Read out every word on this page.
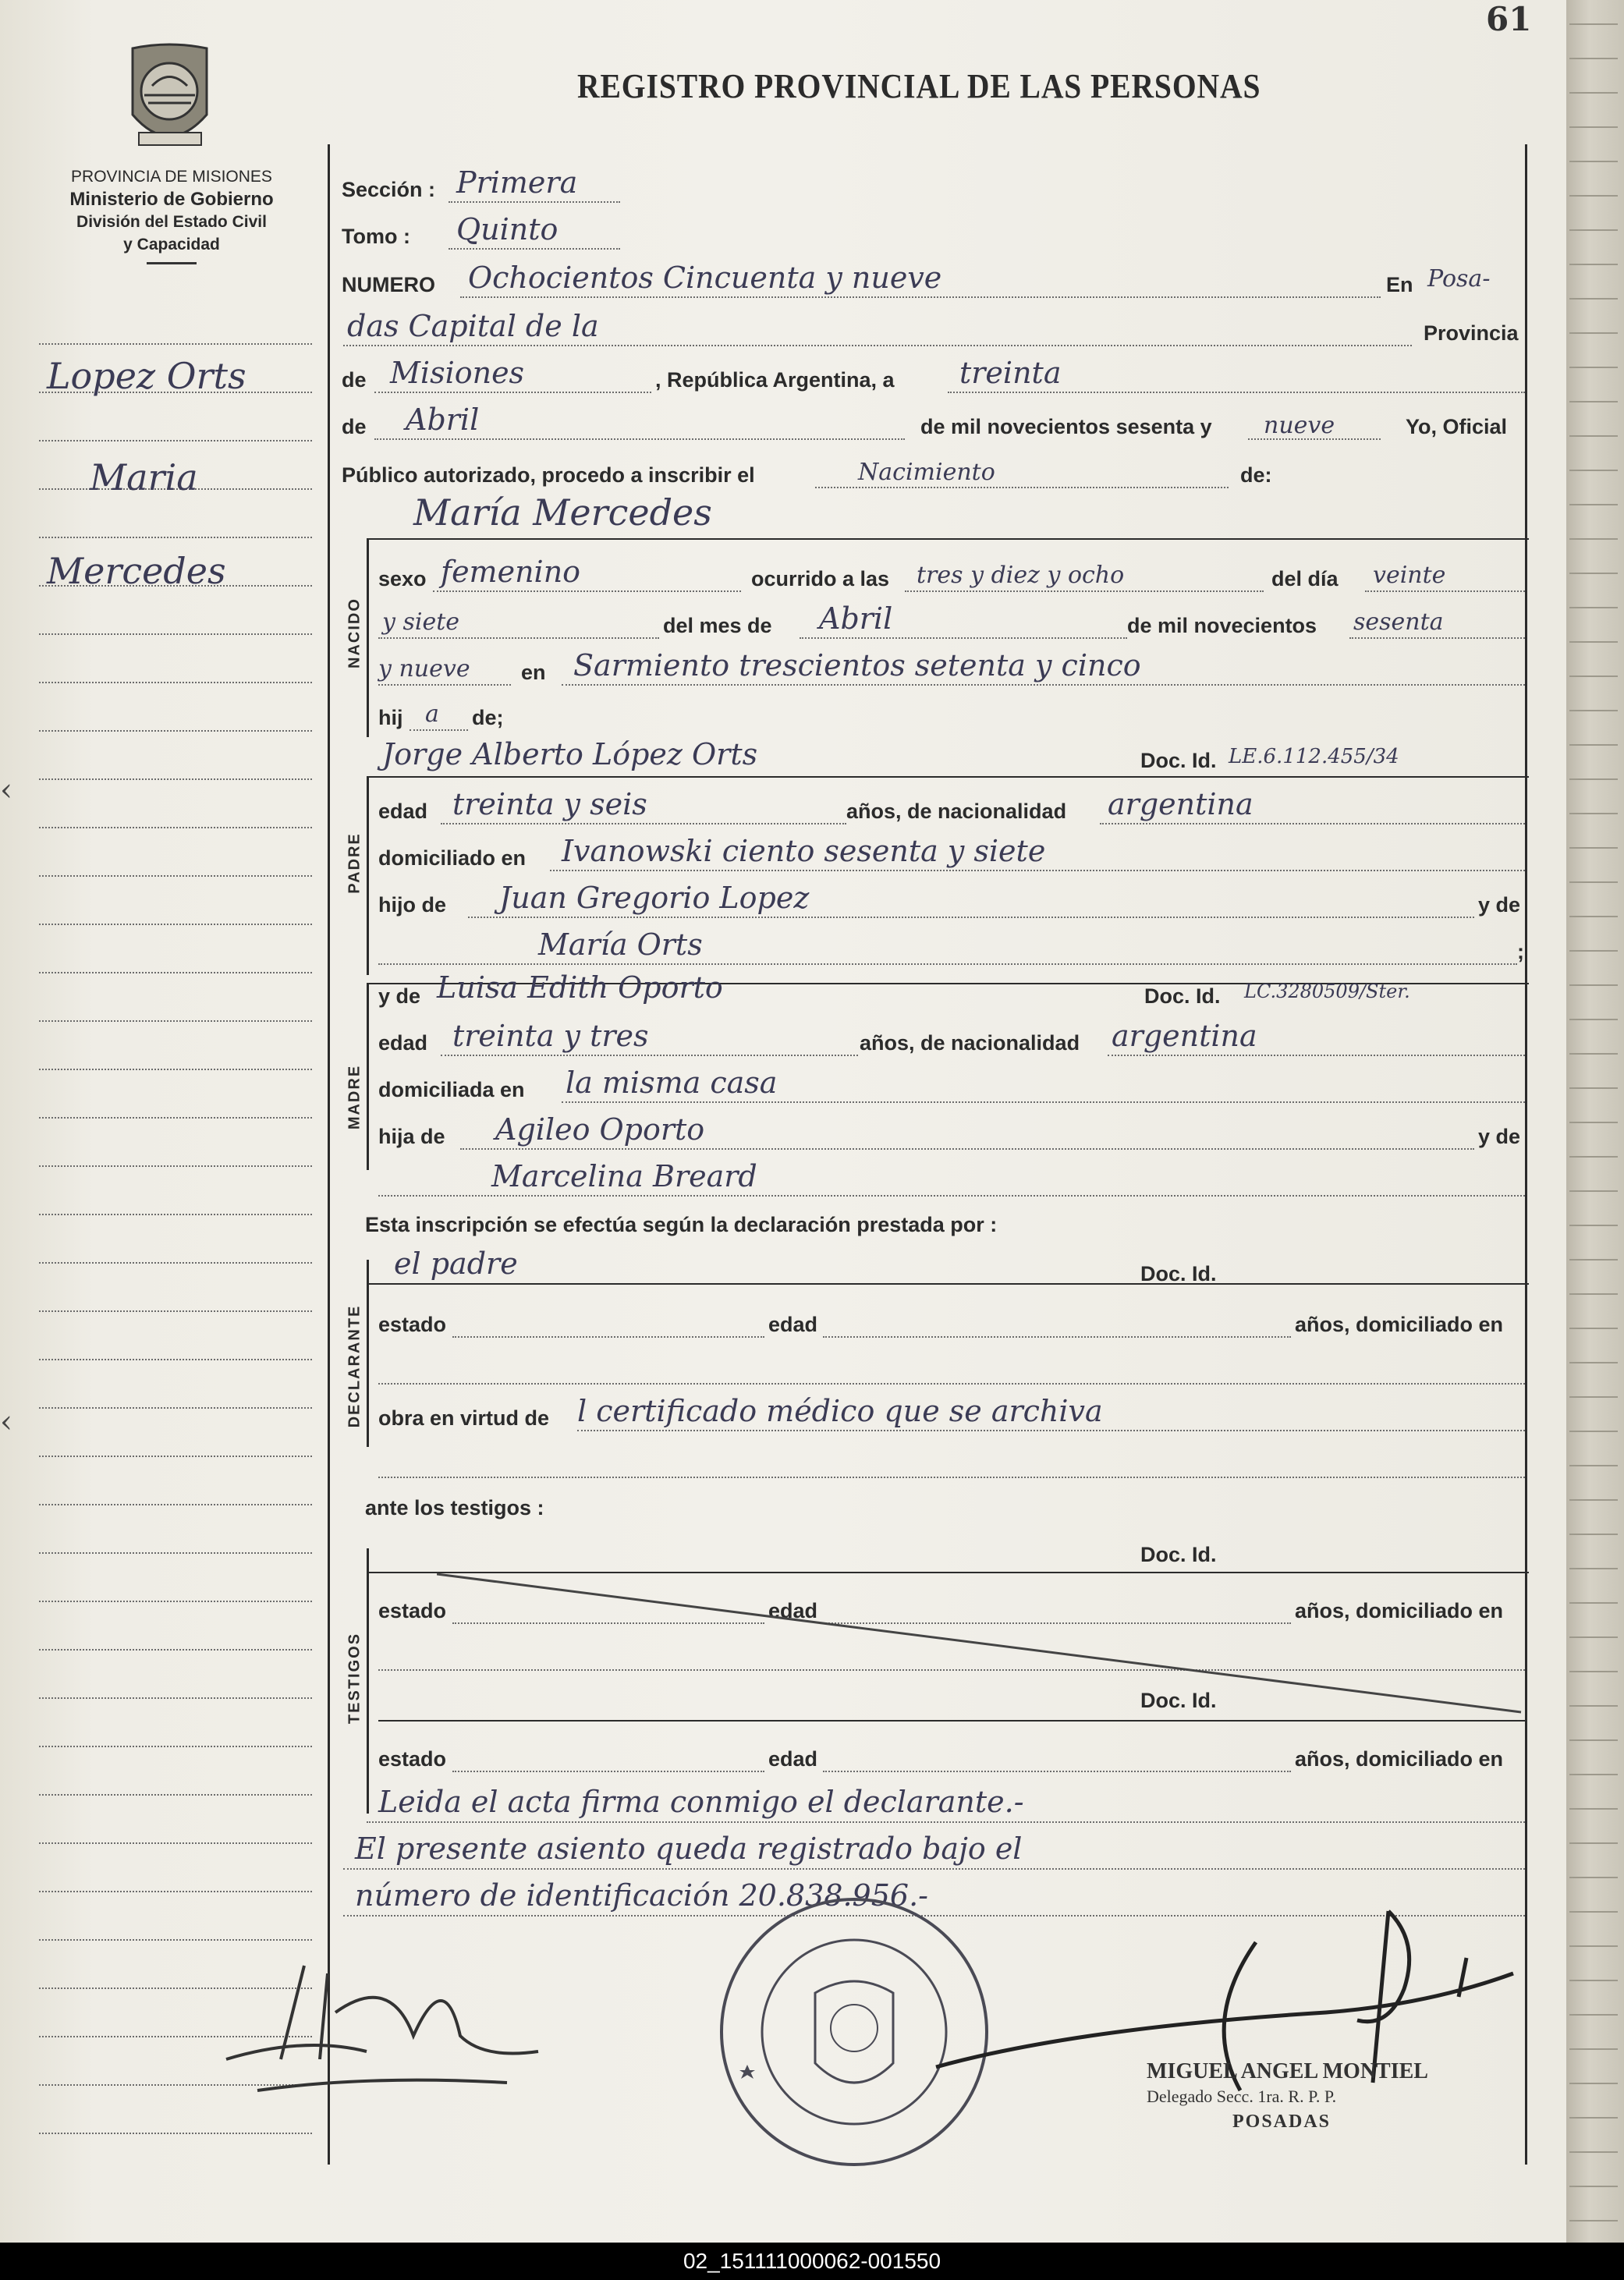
61
REGISTRO PROVINCIAL DE LAS PERSONAS
PROVINCIA DE MISIONES
Ministerio de Gobierno
División del Estado Civil
y Capacidad
Lopez Orts
Maria
Mercedes
‹
‹
NACIDO
PADRE
MADRE
DECLARANTE
TESTIGOS
Sección : Primera
Tomo : Quinto
NUMERO Ochocientos Cincuenta y nueve	En Posa-
das Capital de la	Provincia
de Misiones	, República Argentina, a treinta
de Abril	de mil novecientos sesenta y nueve	Yo, Oficial
Público autorizado, procedo a inscribir el	Nacimiento	de:
María Mercedes
sexo femenino	ocurrido a las tres y diez y ocho	del día veinte
y siete	del mes de Abril	de mil novecientos sesenta
y nueve en Sarmiento trescientos setenta y cinco
hij a de;
Jorge Alberto López Orts	Doc. Id. LE.6.112.455/34
edad treinta y seis	años, de nacionalidad argentina
domiciliado en Ivanowski ciento sesenta y siete
hijo de Juan Gregorio Lopez	y de
María Orts	;
y de Luisa Edith Oporto	Doc. Id. LC.3280509/Ster.
edad treinta y tres	años, de nacionalidad argentina
domiciliada en la misma casa
hija de Agileo Oporto	y de
Marcelina Breard
Esta inscripción se efectúa según la declaración prestada por :
el padre	Doc. Id.
estado	edad	años, domiciliado en
obra en virtud de l certificado médico que se archiva
ante los testigos :
Doc. Id.
estado	edad	años, domiciliado en
Doc. Id.
estado	edad	años, domiciliado en
Leida el acta firma conmigo el declarante.-
El presente asiento queda registrado bajo el
número de identificación 20.838.956.-
MIGUEL ANGEL MONTIEL
Delegado Secc. 1ra. R. P. P.
POSADAS
02_151111000062-001550
